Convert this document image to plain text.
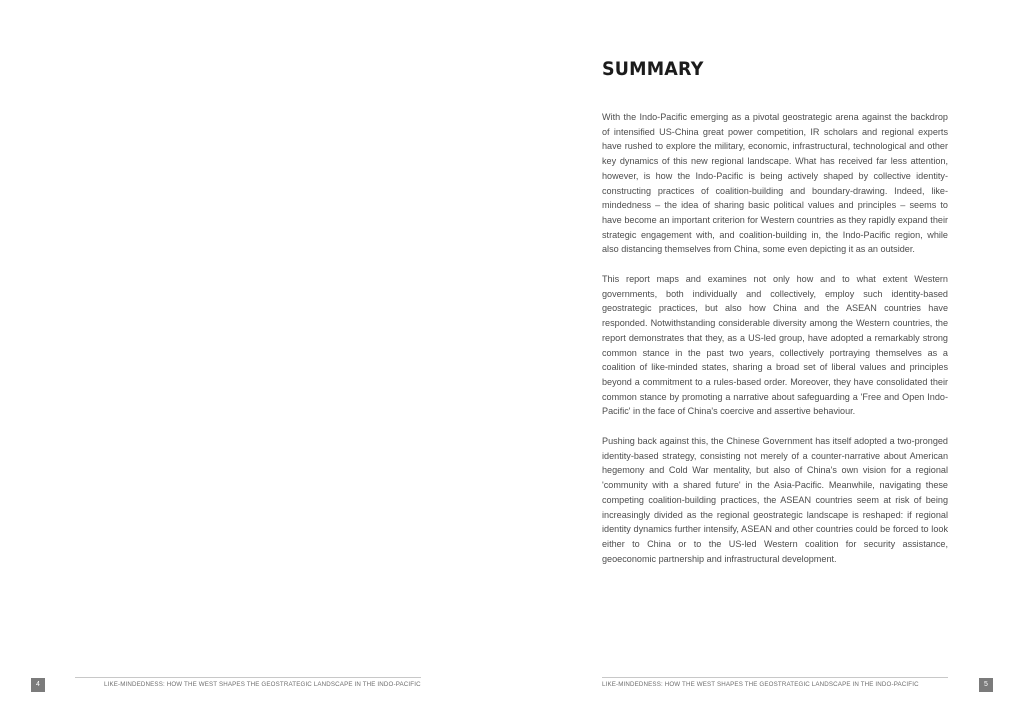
4	LIKE-MINDEDNESS: HOW THE WEST SHAPES THE GEOSTRATEGIC LANDSCAPE IN THE INDO-PACIFIC
SUMMARY

With the Indo-Pacific emerging as a pivotal geostrategic arena against the backdrop of intensified US-China great power competition, IR scholars and regional experts have rushed to explore the military, economic, infrastructural, technological and other key dynamics of this new regional landscape. What has received far less attention, however, is how the Indo-Pacific is being actively shaped by collective identity-constructing practices of coalition-building and boundary-drawing. Indeed, like-mindedness – the idea of sharing basic political values and principles – seems to have become an important criterion for Western countries as they rapidly expand their strategic engagement with, and coalition-building in, the Indo-Pacific region, while also distancing themselves from China, some even depicting it as an outsider.

This report maps and examines not only how and to what extent Western governments, both individually and collectively, employ such identity-based geostrategic practices, but also how China and the ASEAN countries have responded. Notwithstanding considerable diversity among the Western countries, the report demonstrates that they, as a US-led group, have adopted a remarkably strong common stance in the past two years, collectively portraying themselves as a coalition of like-minded states, sharing a broad set of liberal values and principles beyond a commitment to a rules-based order. Moreover, they have consolidated their common stance by promoting a narrative about safeguarding a 'Free and Open Indo-Pacific' in the face of China's coercive and assertive behaviour.

Pushing back against this, the Chinese Government has itself adopted a two-pronged identity-based strategy, consisting not merely of a counter-narrative about American hegemony and Cold War mentality, but also of China's own vision for a regional 'community with a shared future' in the Asia-Pacific. Meanwhile, navigating these competing coalition-building practices, the ASEAN countries seem at risk of being increasingly divided as the regional geostrategic landscape is reshaped: if regional identity dynamics further intensify, ASEAN and other countries could be forced to look either to China or to the US-led Western coalition for security assistance, geoeconomic partnership and infrastructural development.

LIKE-MINDEDNESS: HOW THE WEST SHAPES THE GEOSTRATEGIC LANDSCAPE IN THE INDO-PACIFIC	5
